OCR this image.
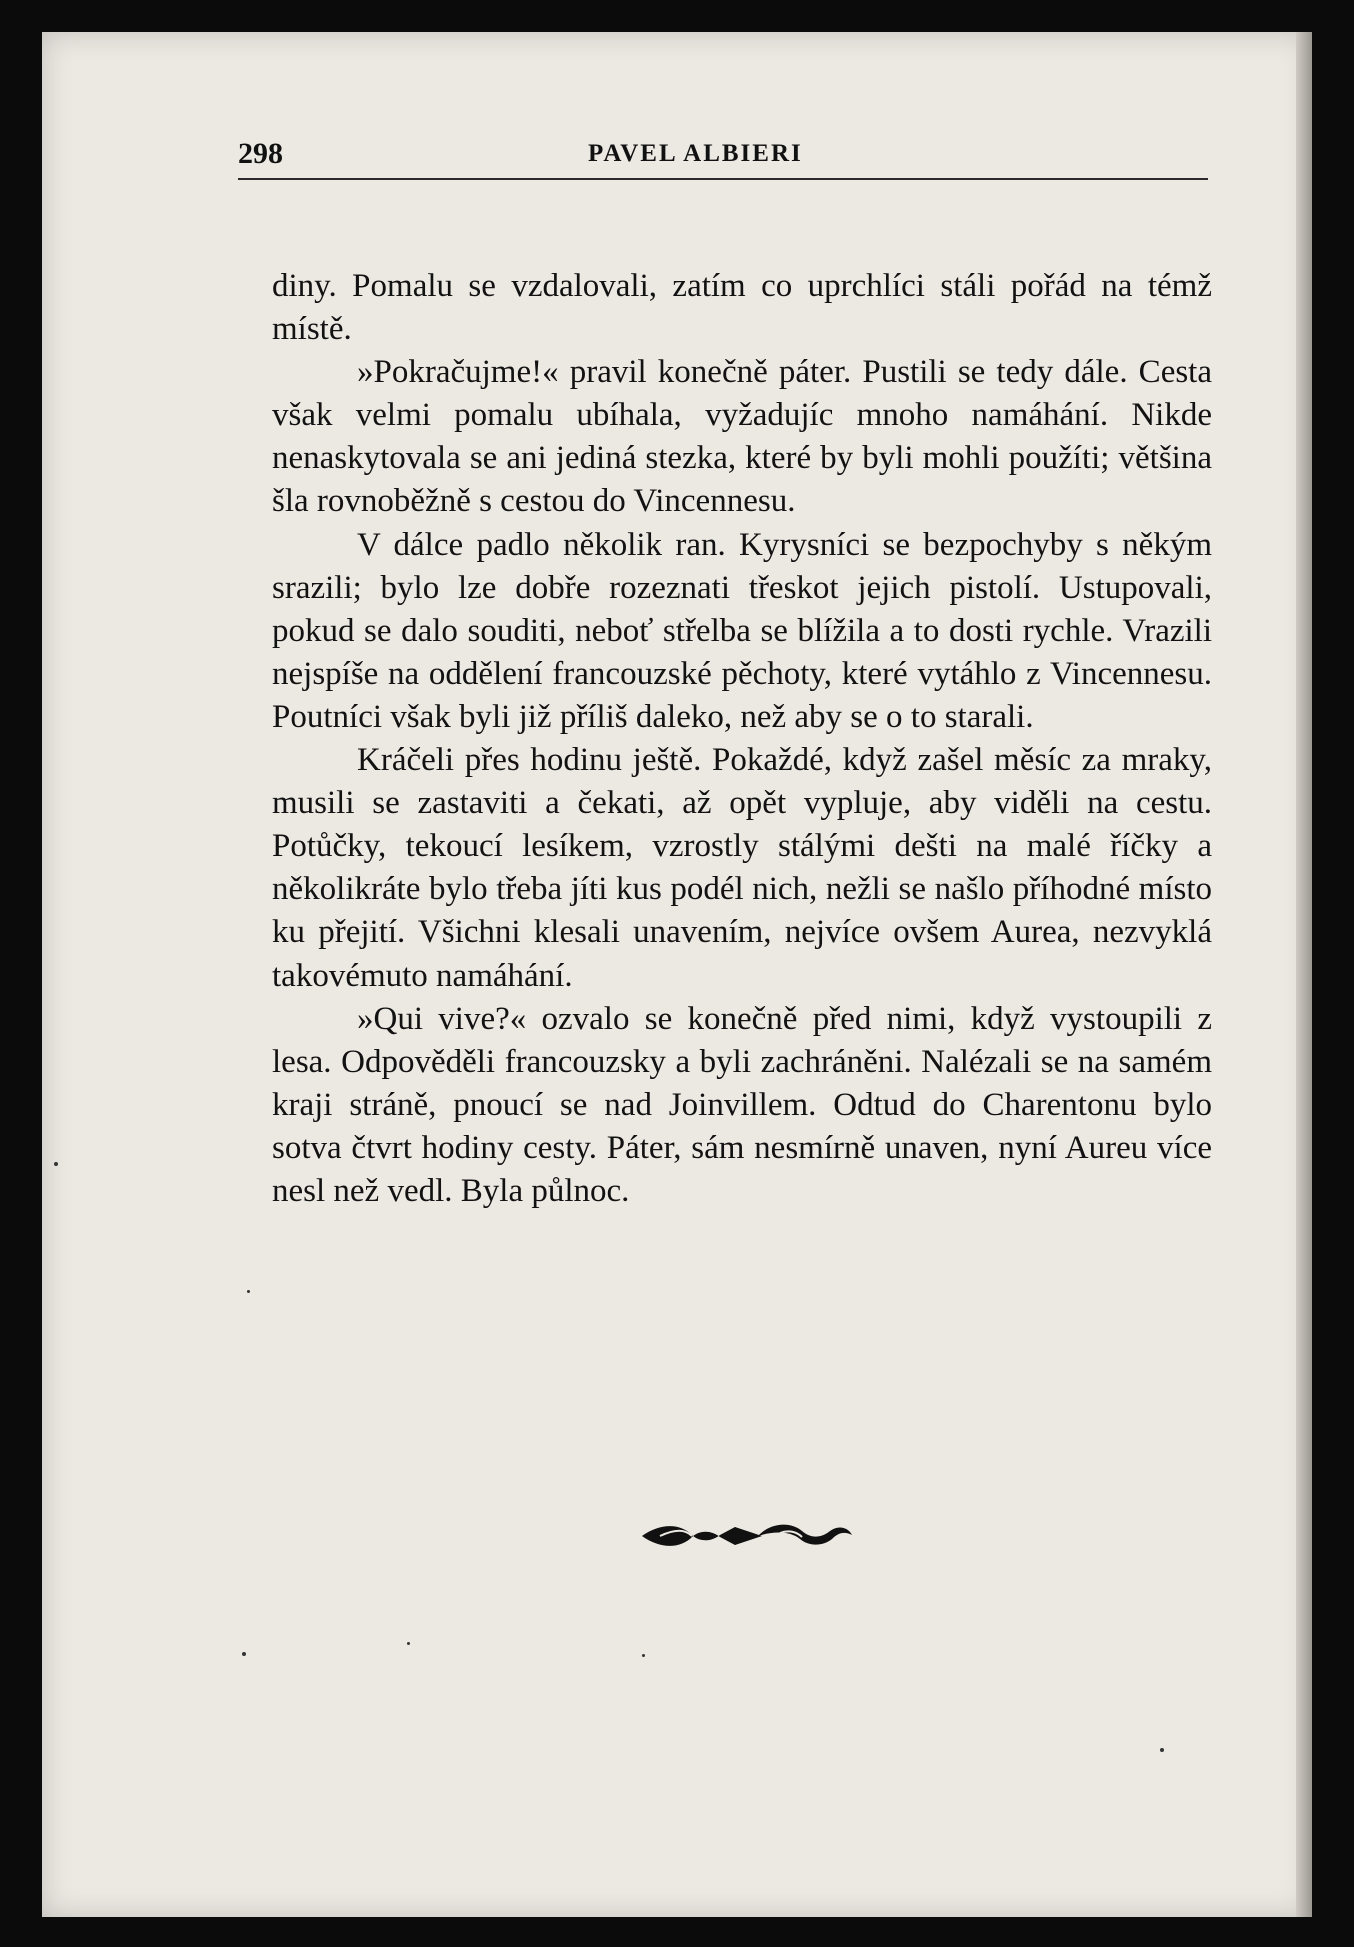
298	PAVEL ALBIERI

diny. Pomalu se vzdalovali, zatím co uprchlíci stáli pořád na témž místě.

»Pokračujme!« pravil konečně páter. Pustili se tedy dále. Cesta však velmi pomalu ubíhala, vyžadujíc mnoho namáhání. Nikde nenaskytovala se ani jediná stezka, které by byli mohli použíti; většina šla rovnoběžně s cestou do Vincennesu.

V dálce padlo několik ran. Kyrysníci se bezpochyby s někým srazili; bylo lze dobře rozeznati třeskot jejich pistolí. Ustupovali, pokud se dalo souditi, neboť střelba se blížila a to dosti rychle. Vrazili nejspíše na oddělení francouzské pěchoty, které vytáhlo z Vincennesu. Poutníci však byli již příliš daleko, než aby se o to starali.

Kráčeli přes hodinu ještě. Pokaždé, když zašel měsíc za mraky, musili se zastaviti a čekati, až opět vypluje, aby viděli na cestu. Potůčky, tekoucí lesíkem, vzrostly stálými dešti na malé říčky a několikráte bylo třeba jíti kus podél nich, nežli se našlo příhodné místo ku přejití. Všichni klesali unavením, nejvíce ovšem Aurea, nezvyklá takovémuto namáhání.

»Qui vive?« ozvalo se konečně před nimi, když vystoupili z lesa. Odpověděli francouzsky a byli zachráněni. Nalézali se na samém kraji stráně, pnoucí se nad Joinvillem. Odtud do Charentonu bylo sotva čtvrt hodiny cesty. Páter, sám nesmírně unaven, nyní Aureu více nesl než vedl. Byla půlnoc.
